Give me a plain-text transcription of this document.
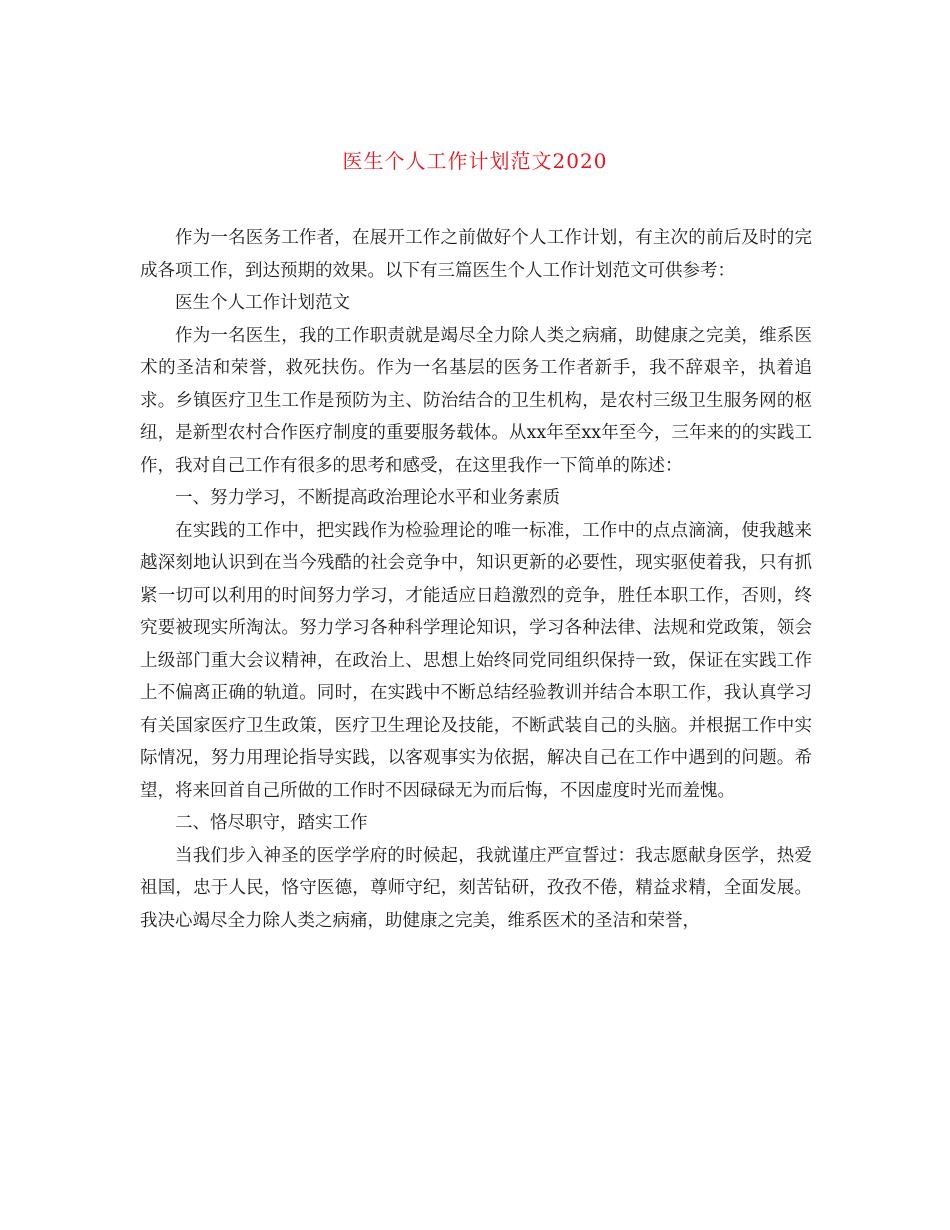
医生个人工作计划范文2020

作为一名医务工作者，在展开工作之前做好个人工作计划，有主次的前后及时的完成各项工作，到达预期的效果。以下有三篇医生个人工作计划范文可供参考：

医生个人工作计划范文

作为一名医生，我的工作职责就是竭尽全力除人类之病痛，助健康之完美，维系医术的圣洁和荣誉，救死扶伤。作为一名基层的医务工作者新手，我不辞艰辛，执着追求。乡镇医疗卫生工作是预防为主、防治结合的卫生机构，是农村三级卫生服务网的枢纽，是新型农村合作医疗制度的重要服务载体。从xx年至xx年至今，三年来的的实践工作，我对自己工作有很多的思考和感受，在这里我作一下简单的陈述：

一、努力学习，不断提高政治理论水平和业务素质

在实践的工作中，把实践作为检验理论的唯一标准，工作中的点点滴滴，使我越来越深刻地认识到在当今残酷的社会竞争中，知识更新的必要性，现实驱使着我，只有抓紧一切可以利用的时间努力学习，才能适应日趋激烈的竞争，胜任本职工作，否则，终究要被现实所淘汰。努力学习各种科学理论知识，学习各种法律、法规和党政策，领会上级部门重大会议精神，在政治上、思想上始终同党同组织保持一致，保证在实践工作上不偏离正确的轨道。同时，在实践中不断总结经验教训并结合本职工作，我认真学习有关国家医疗卫生政策，医疗卫生理论及技能，不断武装自己的头脑。并根据工作中实际情况，努力用理论指导实践，以客观事实为依据，解决自己在工作中遇到的问题。希望，将来回首自己所做的工作时不因碌碌无为而后悔，不因虚度时光而羞愧。

二、恪尽职守，踏实工作

当我们步入神圣的医学学府的时候起，我就谨庄严宣誓过：我志愿献身医学，热爱祖国，忠于人民，恪守医德，尊师守纪，刻苦钻研，孜孜不倦，精益求精，全面发展。我决心竭尽全力除人类之病痛，助健康之完美，维系医术的圣洁和荣誉，
